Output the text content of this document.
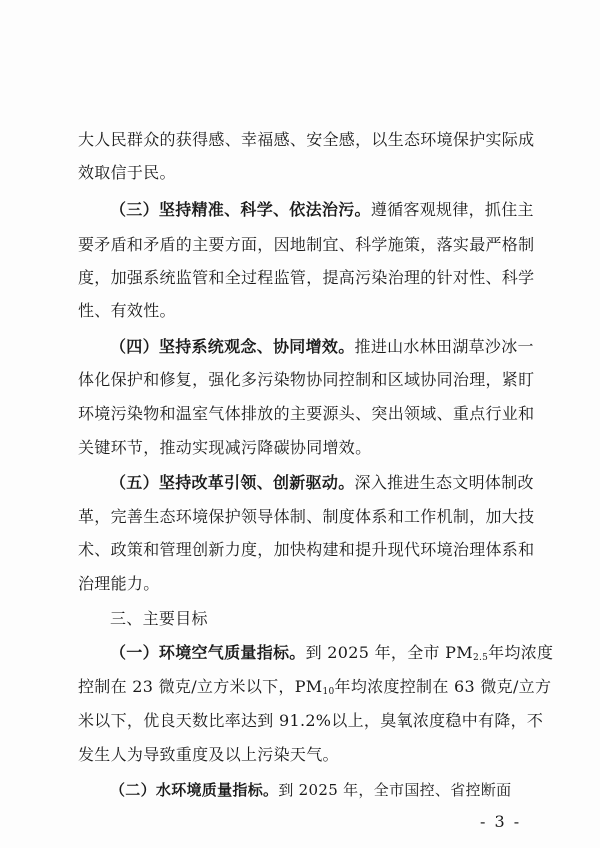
大人民群众的获得感、幸福感、安全感，以生态环境保护实际成
效取信于民。
（三）坚持精准、科学、依法治污。遵循客观规律，抓住主
要矛盾和矛盾的主要方面，因地制宜、科学施策，落实最严格制
度，加强系统监管和全过程监管，提高污染治理的针对性、科学
性、有效性。
（四）坚持系统观念、协同增效。推进山水林田湖草沙冰一
体化保护和修复，强化多污染物协同控制和区域协同治理，紧盯
环境污染物和温室气体排放的主要源头、突出领域、重点行业和
关键环节，推动实现减污降碳协同增效。
（五）坚持改革引领、创新驱动。深入推进生态文明体制改
革，完善生态环境保护领导体制、制度体系和工作机制，加大技
术、政策和管理创新力度，加快构建和提升现代环境治理体系和
治理能力。
三、主要目标
（一）环境空气质量指标。到 2025 年，全市 $PM_{2.5}$年均浓度
控制在 23 微克/立方米以下，$PM_{10}$年均浓度控制在 63 微克/立方
米以下，优良天数比率达到 91.2%以上，臭氧浓度稳中有降，不
发生人为导致重度及以上污染天气。
（二）水环境质量指标。到 2025 年，全市国控、省控断面
- 3 -
